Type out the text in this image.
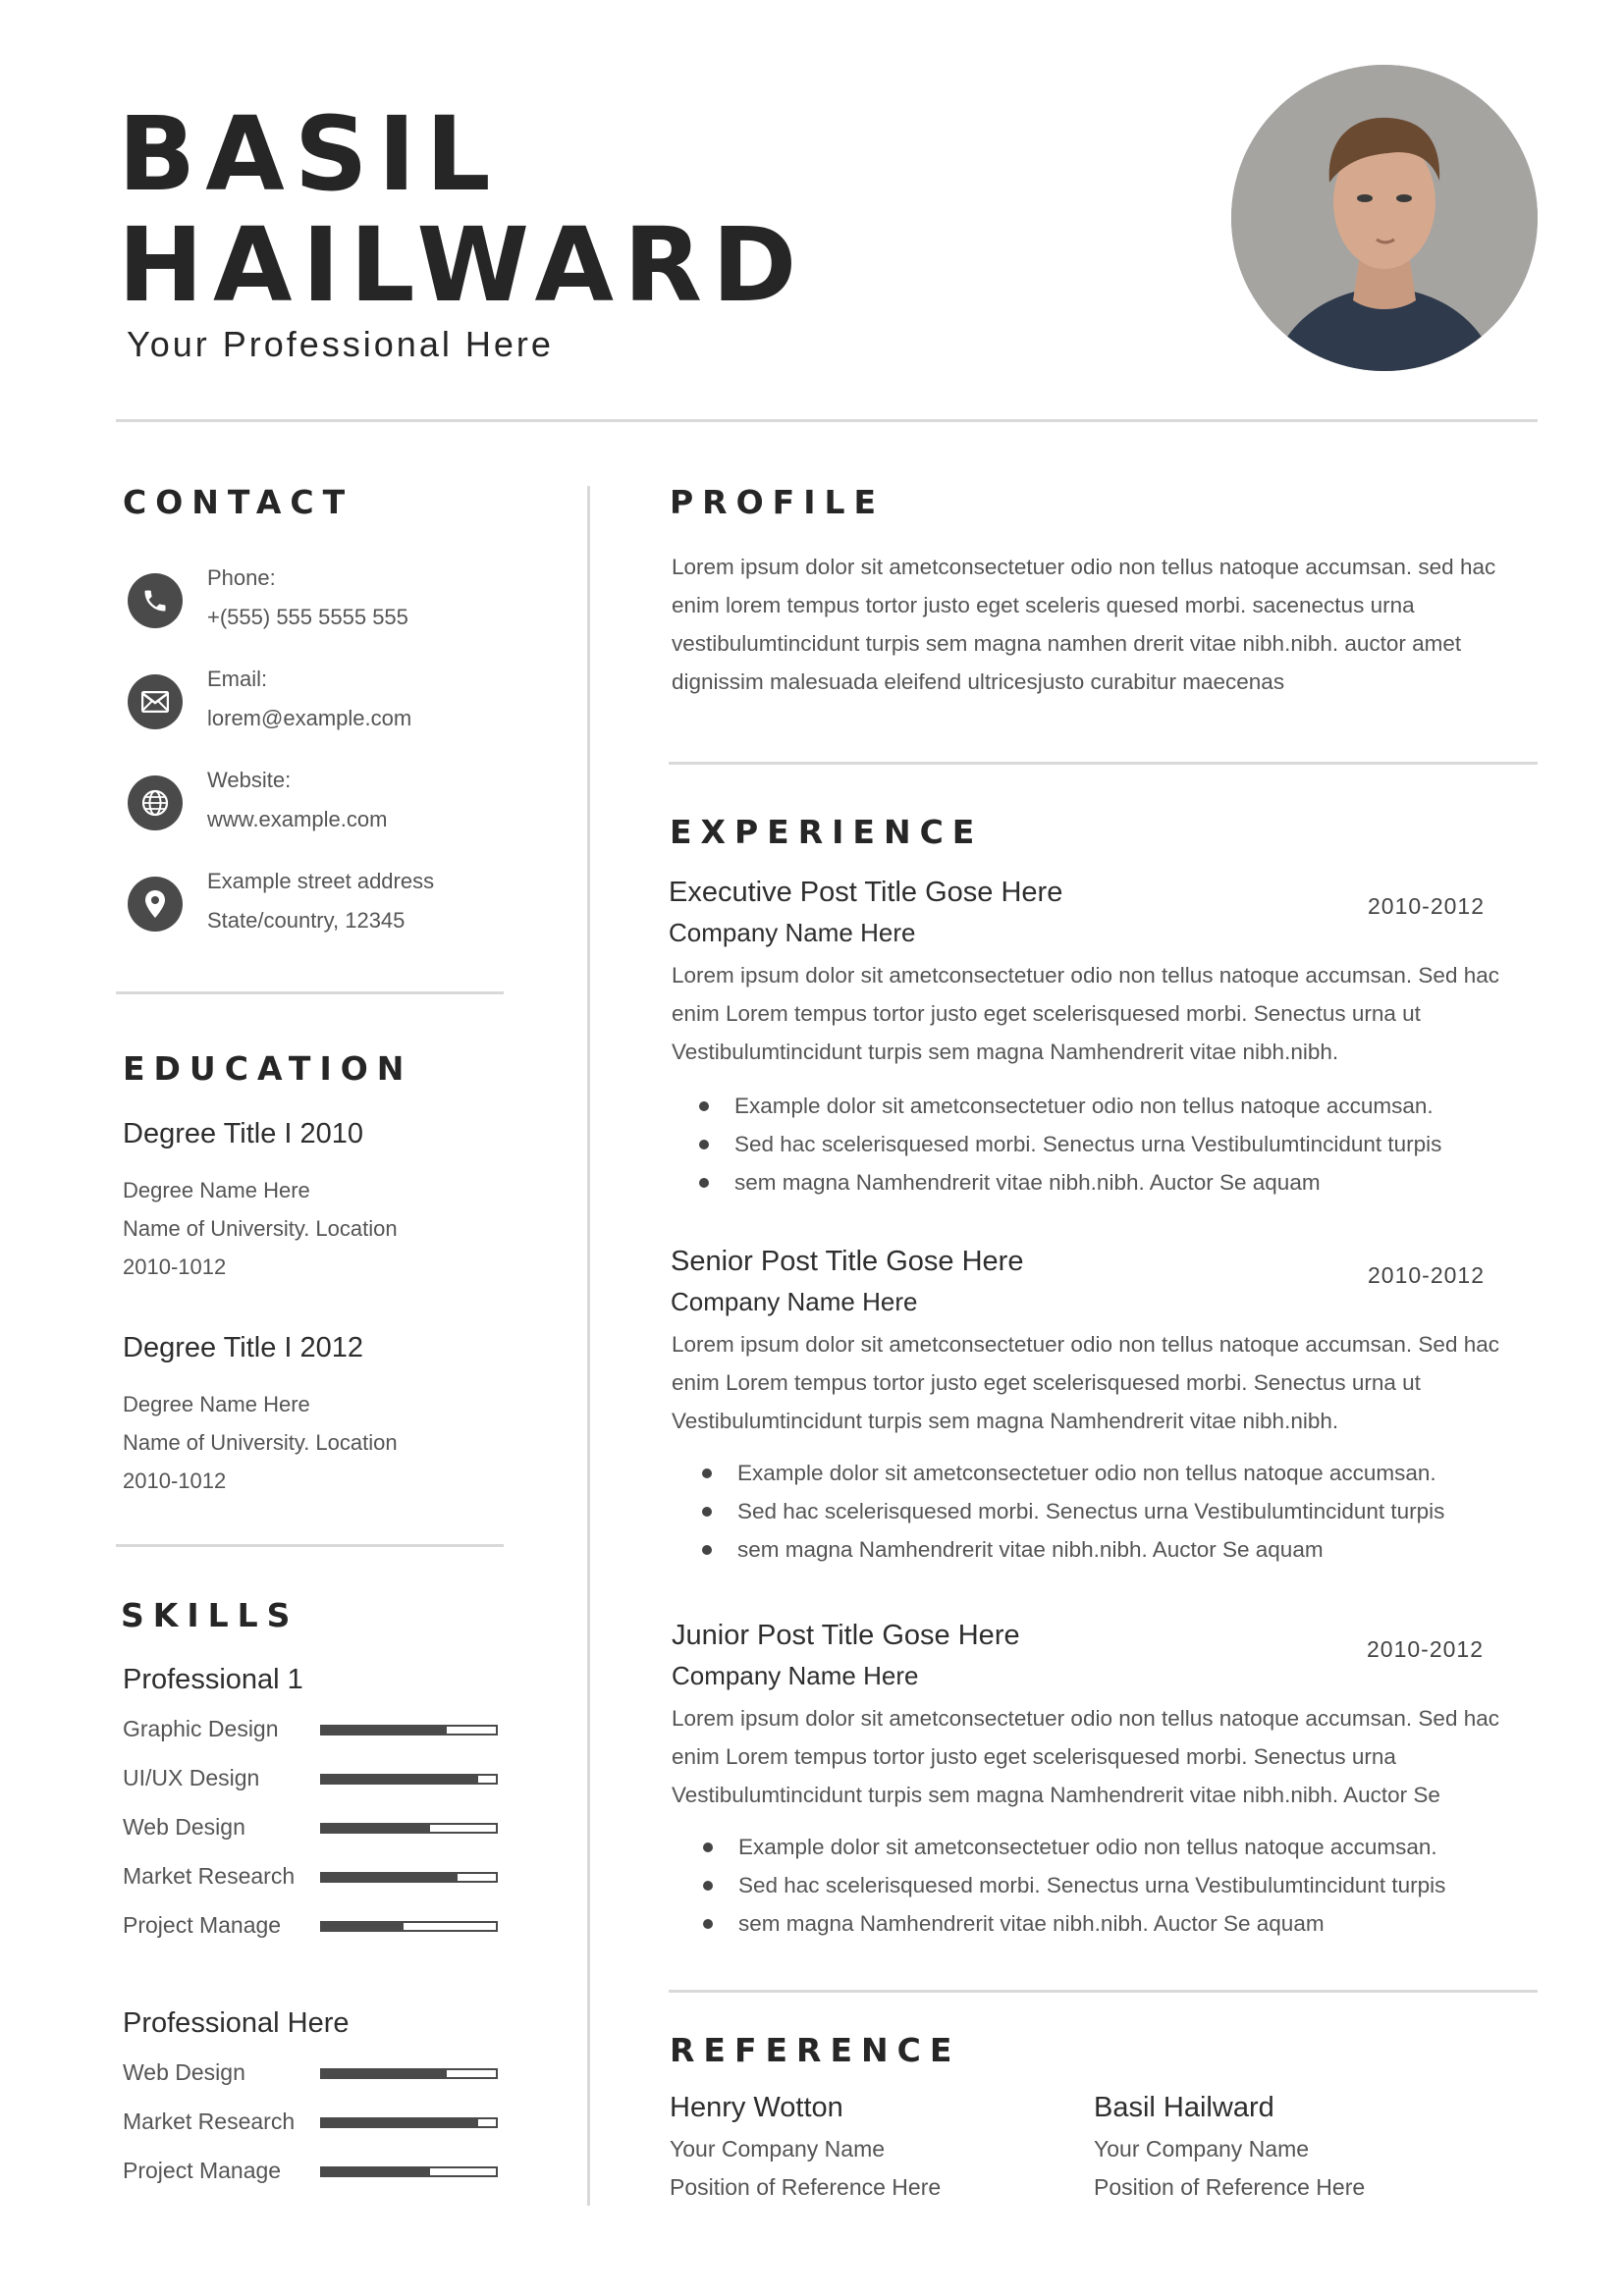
BASIL
HAILWARD
Your Professional Here
CONTACT
Phone:
+(555) 555 5555 555
Email:
lorem@example.com
Website:
www.example.com
Example street address
State/country, 12345
EDUCATION
Degree Title I 2010
Degree Name Here
Name of University. Location
2010-1012
Degree Title I 2012
Degree Name Here
Name of University. Location
2010-1012
SKILLS
Professional 1
Graphic Design
UI/UX Design
Web Design
Market Research
Project Manage
Professional Here
Web Design
Market Research
Project Manage
PROFILE
Lorem ipsum dolor sit ametconsectetuer odio non tellus natoque accumsan. sed hac enim lorem tempus tortor justo eget sceleris quesed morbi. sacenectus urna vestibulumtincidunt turpis sem magna namhen drerit vitae nibh.nibh. auctor amet dignissim malesuada eleifend ultricesjusto curabitur maecenas
EXPERIENCE
Executive Post Title Gose Here	2010-2012
Company Name Here
Lorem ipsum dolor sit ametconsectetuer odio non tellus natoque accumsan. Sed hac enim Lorem tempus tortor justo eget scelerisquesed morbi. Senectus urna ut Vestibulumtincidunt turpis sem magna Namhendrerit vitae nibh.nibh.
Example dolor sit ametconsectetuer odio non tellus natoque accumsan.
Sed hac scelerisquesed morbi. Senectus urna Vestibulumtincidunt turpis
sem magna Namhendrerit vitae nibh.nibh. Auctor Se aquam
Senior Post Title Gose Here	2010-2012
Company Name Here
Lorem ipsum dolor sit ametconsectetuer odio non tellus natoque accumsan. Sed hac enim Lorem tempus tortor justo eget scelerisquesed morbi. Senectus urna ut Vestibulumtincidunt turpis sem magna Namhendrerit vitae nibh.nibh.
Example dolor sit ametconsectetuer odio non tellus natoque accumsan.
Sed hac scelerisquesed morbi. Senectus urna Vestibulumtincidunt turpis
sem magna Namhendrerit vitae nibh.nibh. Auctor Se aquam
Junior Post Title Gose Here	2010-2012
Company Name Here
Lorem ipsum dolor sit ametconsectetuer odio non tellus natoque accumsan. Sed hac enim Lorem tempus tortor justo eget scelerisquesed morbi. Senectus urna Vestibulumtincidunt turpis sem magna Namhendrerit vitae nibh.nibh. Auctor Se
Example dolor sit ametconsectetuer odio non tellus natoque accumsan.
Sed hac scelerisquesed morbi. Senectus urna Vestibulumtincidunt turpis
sem magna Namhendrerit vitae nibh.nibh. Auctor Se aquam
REFERENCE
Henry Wotton
Your Company Name
Position of Reference Here
Basil Hailward
Your Company Name
Position of Reference Here
